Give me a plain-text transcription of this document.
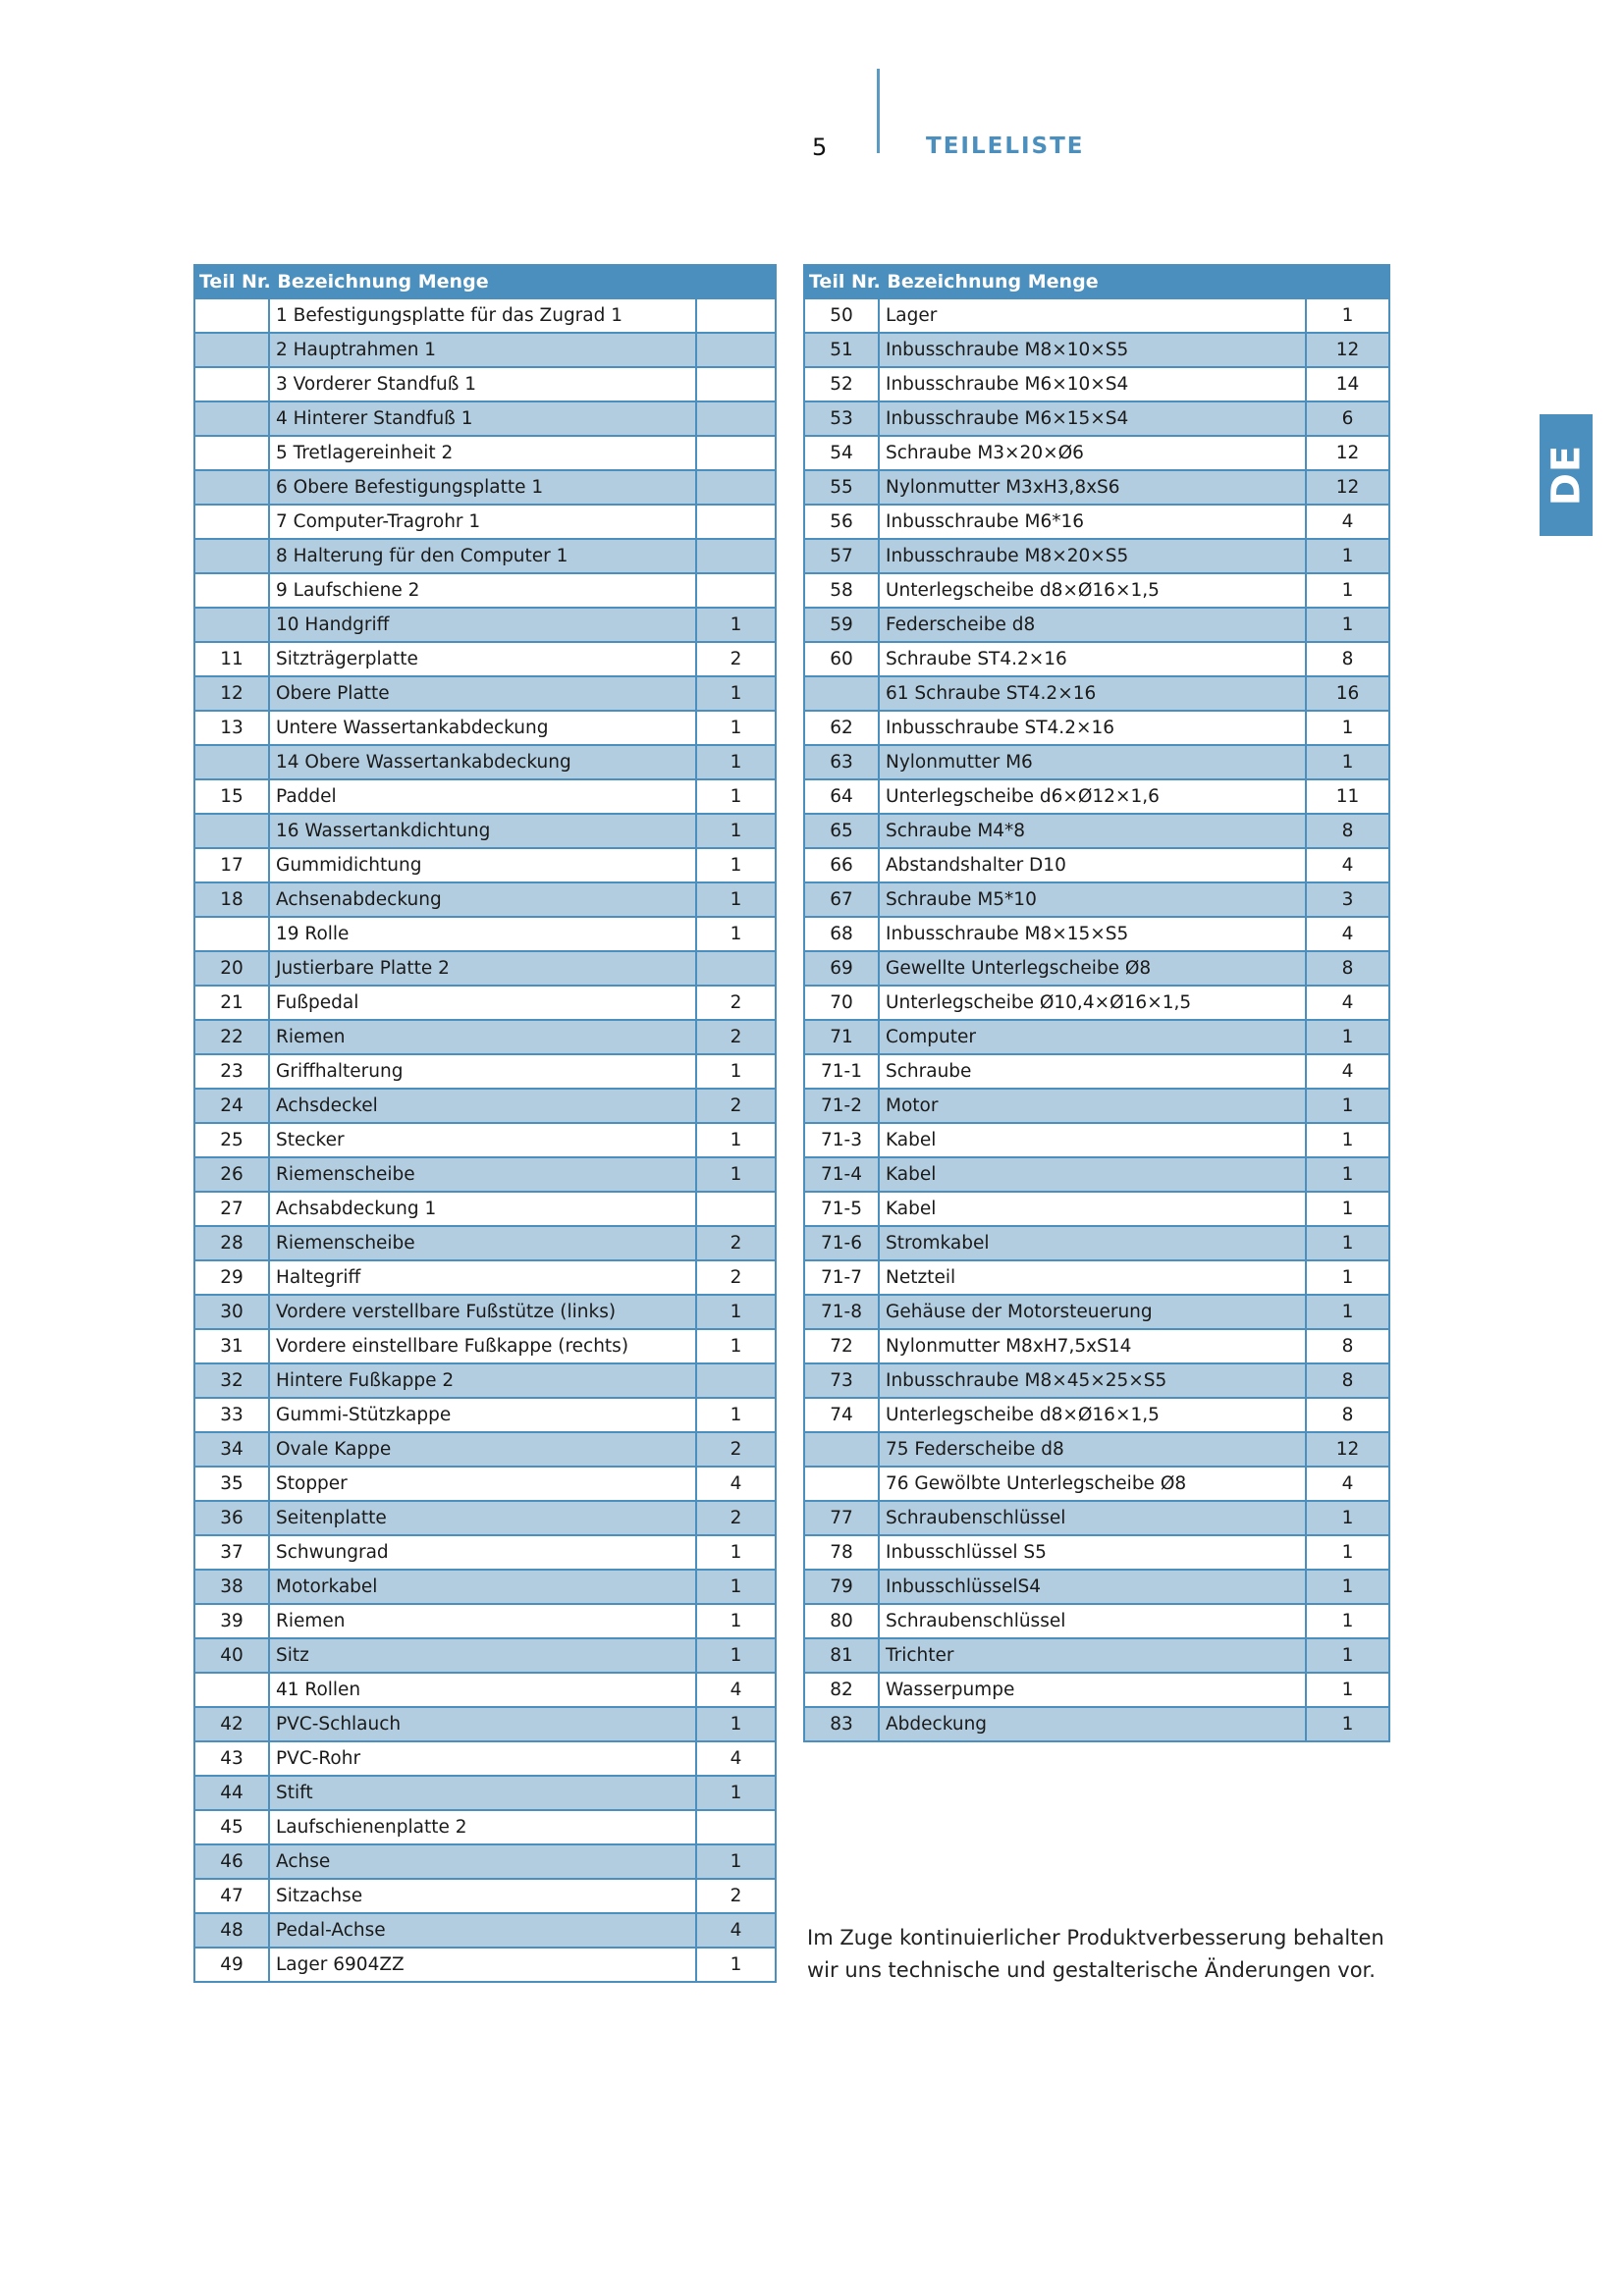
5	TEILELISTE
DE
Teil Nr. Bezeichnung Menge		
	1 Befestigungsplatte für das Zugrad 1	
	2 Hauptrahmen 1	
	3 Vorderer Standfuß 1	
	4 Hinterer Standfuß 1	
	5 Tretlagereinheit 2	
	6 Obere Befestigungsplatte 1	
	7 Computer-Tragrohr 1	
	8 Halterung für den Computer 1	
	9 Laufschiene 2	
	10 Handgriff	1
11	Sitzträgerplatte	2
12	Obere Platte	1
13	Untere Wassertankabdeckung	1
	14 Obere Wassertankabdeckung	1
15	Paddel	1
	16 Wassertankdichtung	1
17	Gummidichtung	1
18	Achsenabdeckung	1
	19 Rolle	1
20	Justierbare Platte 2	
21	Fußpedal	2
22	Riemen	2
23	Griffhalterung	1
24	Achsdeckel	2
25	Stecker	1
26	Riemenscheibe	1
27	Achsabdeckung 1	
28	Riemenscheibe	2
29	Haltegriff	2
30	Vordere verstellbare Fußstütze (links)	1
31	Vordere einstellbare Fußkappe (rechts)	1
32	Hintere Fußkappe 2	
33	Gummi-Stützkappe	1
34	Ovale Kappe	2
35	Stopper	4
36	Seitenplatte	2
37	Schwungrad	1
38	Motorkabel	1
39	Riemen	1
40	Sitz	1
	41 Rollen	4
42	PVC-Schlauch	1
43	PVC-Rohr	4
44	Stift	1
45	Laufschienenplatte 2	
46	Achse	1
47	Sitzachse	2
48	Pedal-Achse	4
49	Lager 6904ZZ	1
Teil Nr. Bezeichnung Menge		
50	Lager	1
51	Inbusschraube M8×10×S5	12
52	Inbusschraube M6×10×S4	14
53	Inbusschraube M6×15×S4	6
54	Schraube M3×20×Ø6	12
55	Nylonmutter M3xH3,8xS6	12
56	Inbusschraube M6*16	4
57	Inbusschraube M8×20×S5	1
58	Unterlegscheibe d8×Ø16×1,5	1
59	Federscheibe d8	1
60	Schraube ST4.2×16	8
	61 Schraube ST4.2×16	16
62	Inbusschraube ST4.2×16	1
63	Nylonmutter M6	1
64	Unterlegscheibe d6×Ø12×1,6	11
65	Schraube M4*8	8
66	Abstandshalter D10	4
67	Schraube M5*10	3
68	Inbusschraube M8×15×S5	4
69	Gewellte Unterlegscheibe Ø8	8
70	Unterlegscheibe Ø10,4×Ø16×1,5	4
71	Computer	1
71-1	Schraube	4
71-2	Motor	1
71-3	Kabel	1
71-4	Kabel	1
71-5	Kabel	1
71-6	Stromkabel	1
71-7	Netzteil	1
71-8	Gehäuse der Motorsteuerung	1
72	Nylonmutter M8xH7,5xS14	8
73	Inbusschraube M8×45×25×S5	8
74	Unterlegscheibe d8×Ø16×1,5	8
	75 Federscheibe d8	12
	76 Gewölbte Unterlegscheibe Ø8	4
77	Schraubenschlüssel	1
78	Inbusschlüssel S5	1
79	InbusschlüsselS4	1
80	Schraubenschlüssel	1
81	Trichter	1
82	Wasserpumpe	1
83	Abdeckung	1
Im Zuge kontinuierlicher Produktverbesserung behalten wir uns technische und gestalterische Änderungen vor.
